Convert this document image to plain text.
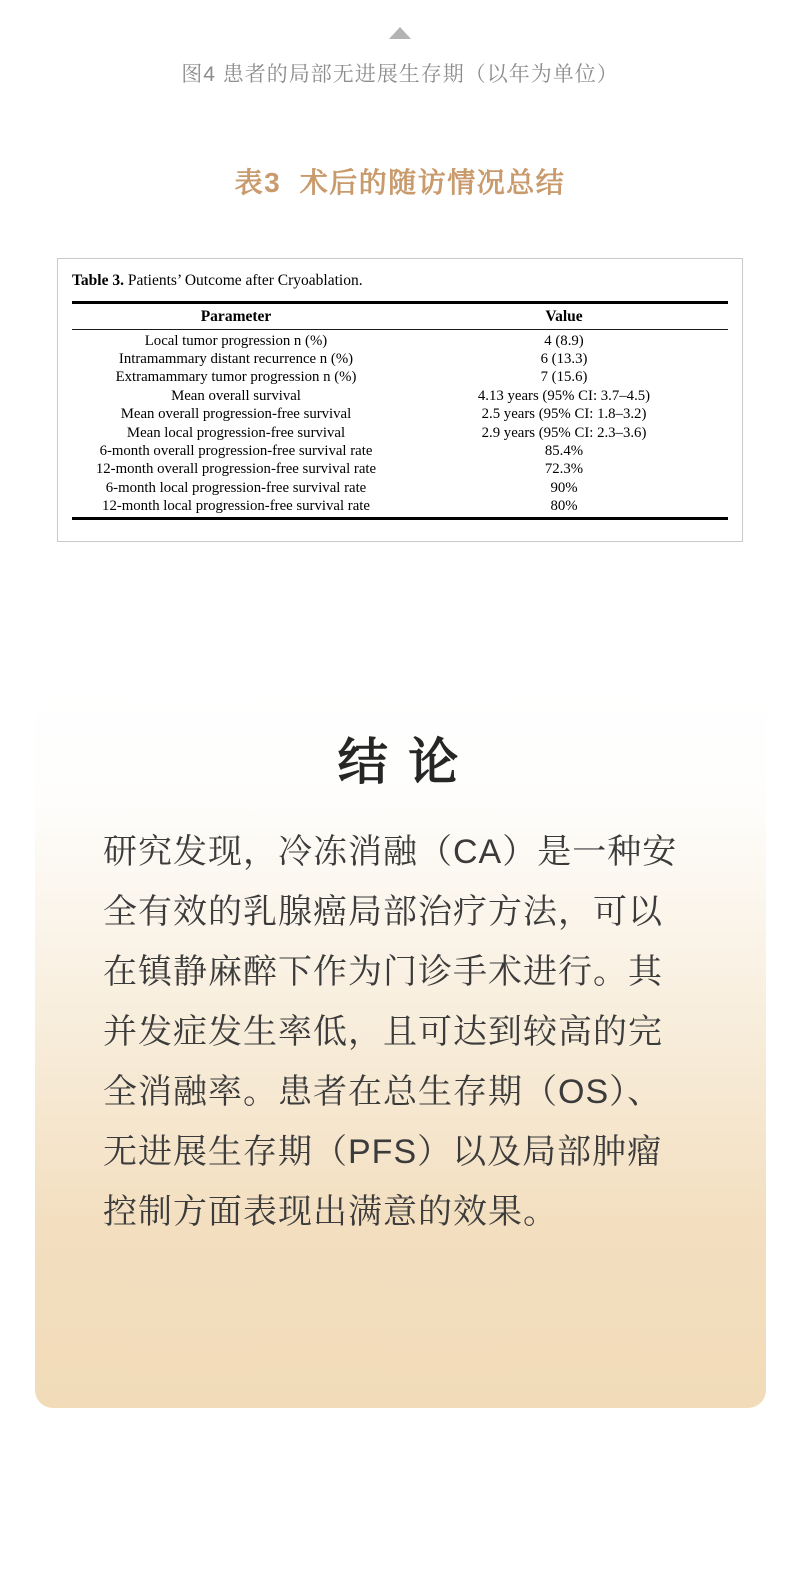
图4 患者的局部无进展生存期（以年为单位）
表3  术后的随访情况总结
Table 3. Patients’ Outcome after Cryoablation.
Parameter	Value
Local tumor progression n (%)	4 (8.9)
Intramammary distant recurrence n (%)	6 (13.3)
Extramammary tumor progression n (%)	7 (15.6)
Mean overall survival	4.13 years (95% CI: 3.7–4.5)
Mean overall progression-free survival	2.5 years (95% CI: 1.8–3.2)
Mean local progression-free survival	2.9 years (95% CI: 2.3–3.6)
6-month overall progression-free survival rate	85.4%
12-month overall progression-free survival rate	72.3%
6-month local progression-free survival rate	90%
12-month local progression-free survival rate	80%
结 论
研究发现，冷冻消融（CA）是一种安
全有效的乳腺癌局部治疗方法，可以
在镇静麻醉下作为门诊手术进行。其
并发症发生率低，且可达到较高的完
全消融率。患者在总生存期（OS）、
无进展生存期（PFS）以及局部肿瘤
控制方面表现出满意的效果。
